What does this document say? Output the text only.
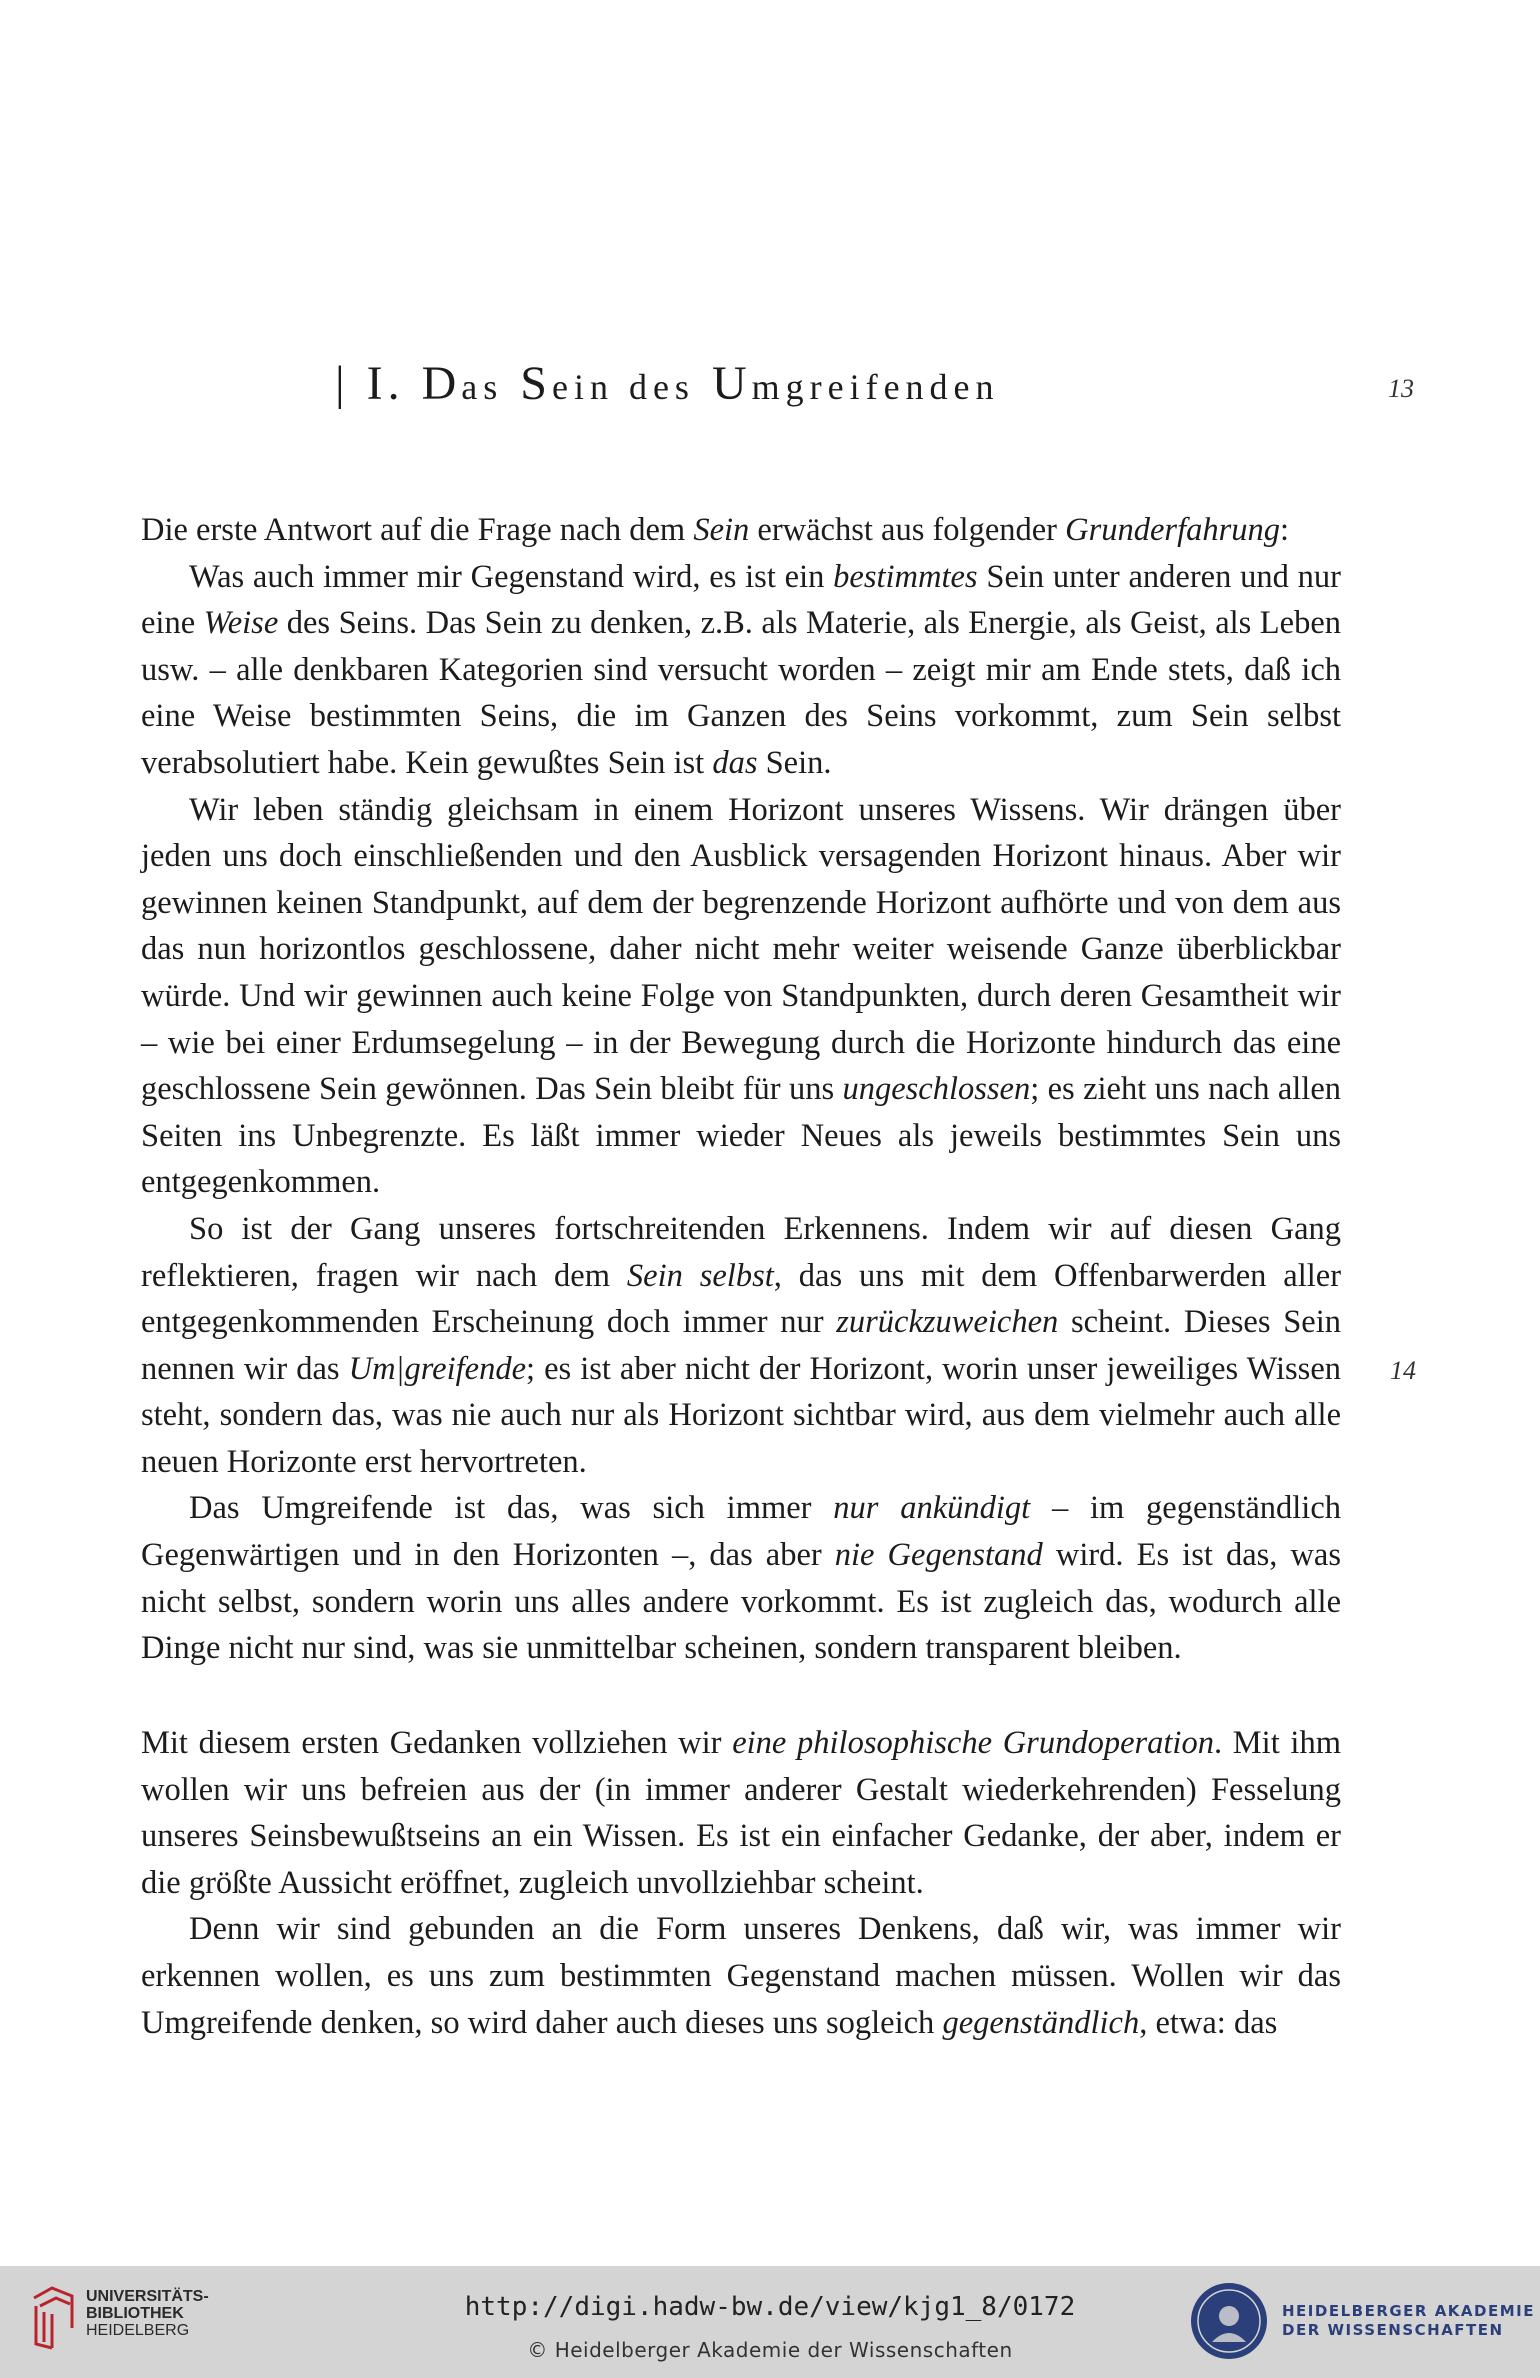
| I. Das Sein des Umgreifenden	13
14

Die erste Antwort auf die Frage nach dem Sein erwächst aus folgender Grunderfahrung:

Was auch immer mir Gegenstand wird, es ist ein bestimmtes Sein unter anderen und nur eine Weise des Seins. Das Sein zu denken, z.B. als Materie, als Energie, als Geist, als Leben usw. – alle denkbaren Kategorien sind versucht worden – zeigt mir am Ende stets, daß ich eine Weise bestimmten Seins, die im Ganzen des Seins vorkommt, zum Sein selbst verabsolutiert habe. Kein gewußtes Sein ist das Sein.

Wir leben ständig gleichsam in einem Horizont unseres Wissens. Wir drängen über jeden uns doch einschließenden und den Ausblick versagenden Horizont hinaus. Aber wir gewinnen keinen Standpunkt, auf dem der begrenzende Horizont aufhörte und von dem aus das nun horizontlos geschlossene, daher nicht mehr weiter weisende Ganze überblickbar würde. Und wir gewinnen auch keine Folge von Standpunkten, durch deren Gesamtheit wir – wie bei einer Erdumsegelung – in der Bewegung durch die Horizonte hindurch das eine geschlossene Sein gewönnen. Das Sein bleibt für uns ungeschlossen; es zieht uns nach allen Seiten ins Unbegrenzte. Es läßt immer wieder Neues als jeweils bestimmtes Sein uns entgegenkommen.

So ist der Gang unseres fortschreitenden Erkennens. Indem wir auf diesen Gang reflektieren, fragen wir nach dem Sein selbst, das uns mit dem Offenbarwerden aller entgegenkommenden Erscheinung doch immer nur zurückzuweichen scheint. Dieses Sein nennen wir das Um|greifende; es ist aber nicht der Horizont, worin unser jeweiliges Wissen steht, sondern das, was nie auch nur als Horizont sichtbar wird, aus dem vielmehr auch alle neuen Horizonte erst hervortreten.

Das Umgreifende ist das, was sich immer nur ankündigt – im gegenständlich Gegenwärtigen und in den Horizonten –, das aber nie Gegenstand wird. Es ist das, was nicht selbst, sondern worin uns alles andere vorkommt. Es ist zugleich das, wodurch alle Dinge nicht nur sind, was sie unmittelbar scheinen, sondern transparent bleiben.

Mit diesem ersten Gedanken vollziehen wir eine philosophische Grundoperation. Mit ihm wollen wir uns befreien aus der (in immer anderer Gestalt wiederkehrenden) Fesselung unseres Seinsbewußtseins an ein Wissen. Es ist ein einfacher Gedanke, der aber, indem er die größte Aussicht eröffnet, zugleich unvollziehbar scheint.

Denn wir sind gebunden an die Form unseres Denkens, daß wir, was immer wir erkennen wollen, es uns zum bestimmten Gegenstand machen müssen. Wollen wir das Umgreifende denken, so wird daher auch dieses uns sogleich gegenständlich, etwa: das

UNIVERSITÄTS-
BIBLIOTHEK
HEIDELBERG
http://digi.hadw-bw.de/view/kjg1_8/0172
© Heidelberger Akademie der Wissenschaften
HEIDELBERGER AKADEMIE
DER WISSENSCHAFTEN
